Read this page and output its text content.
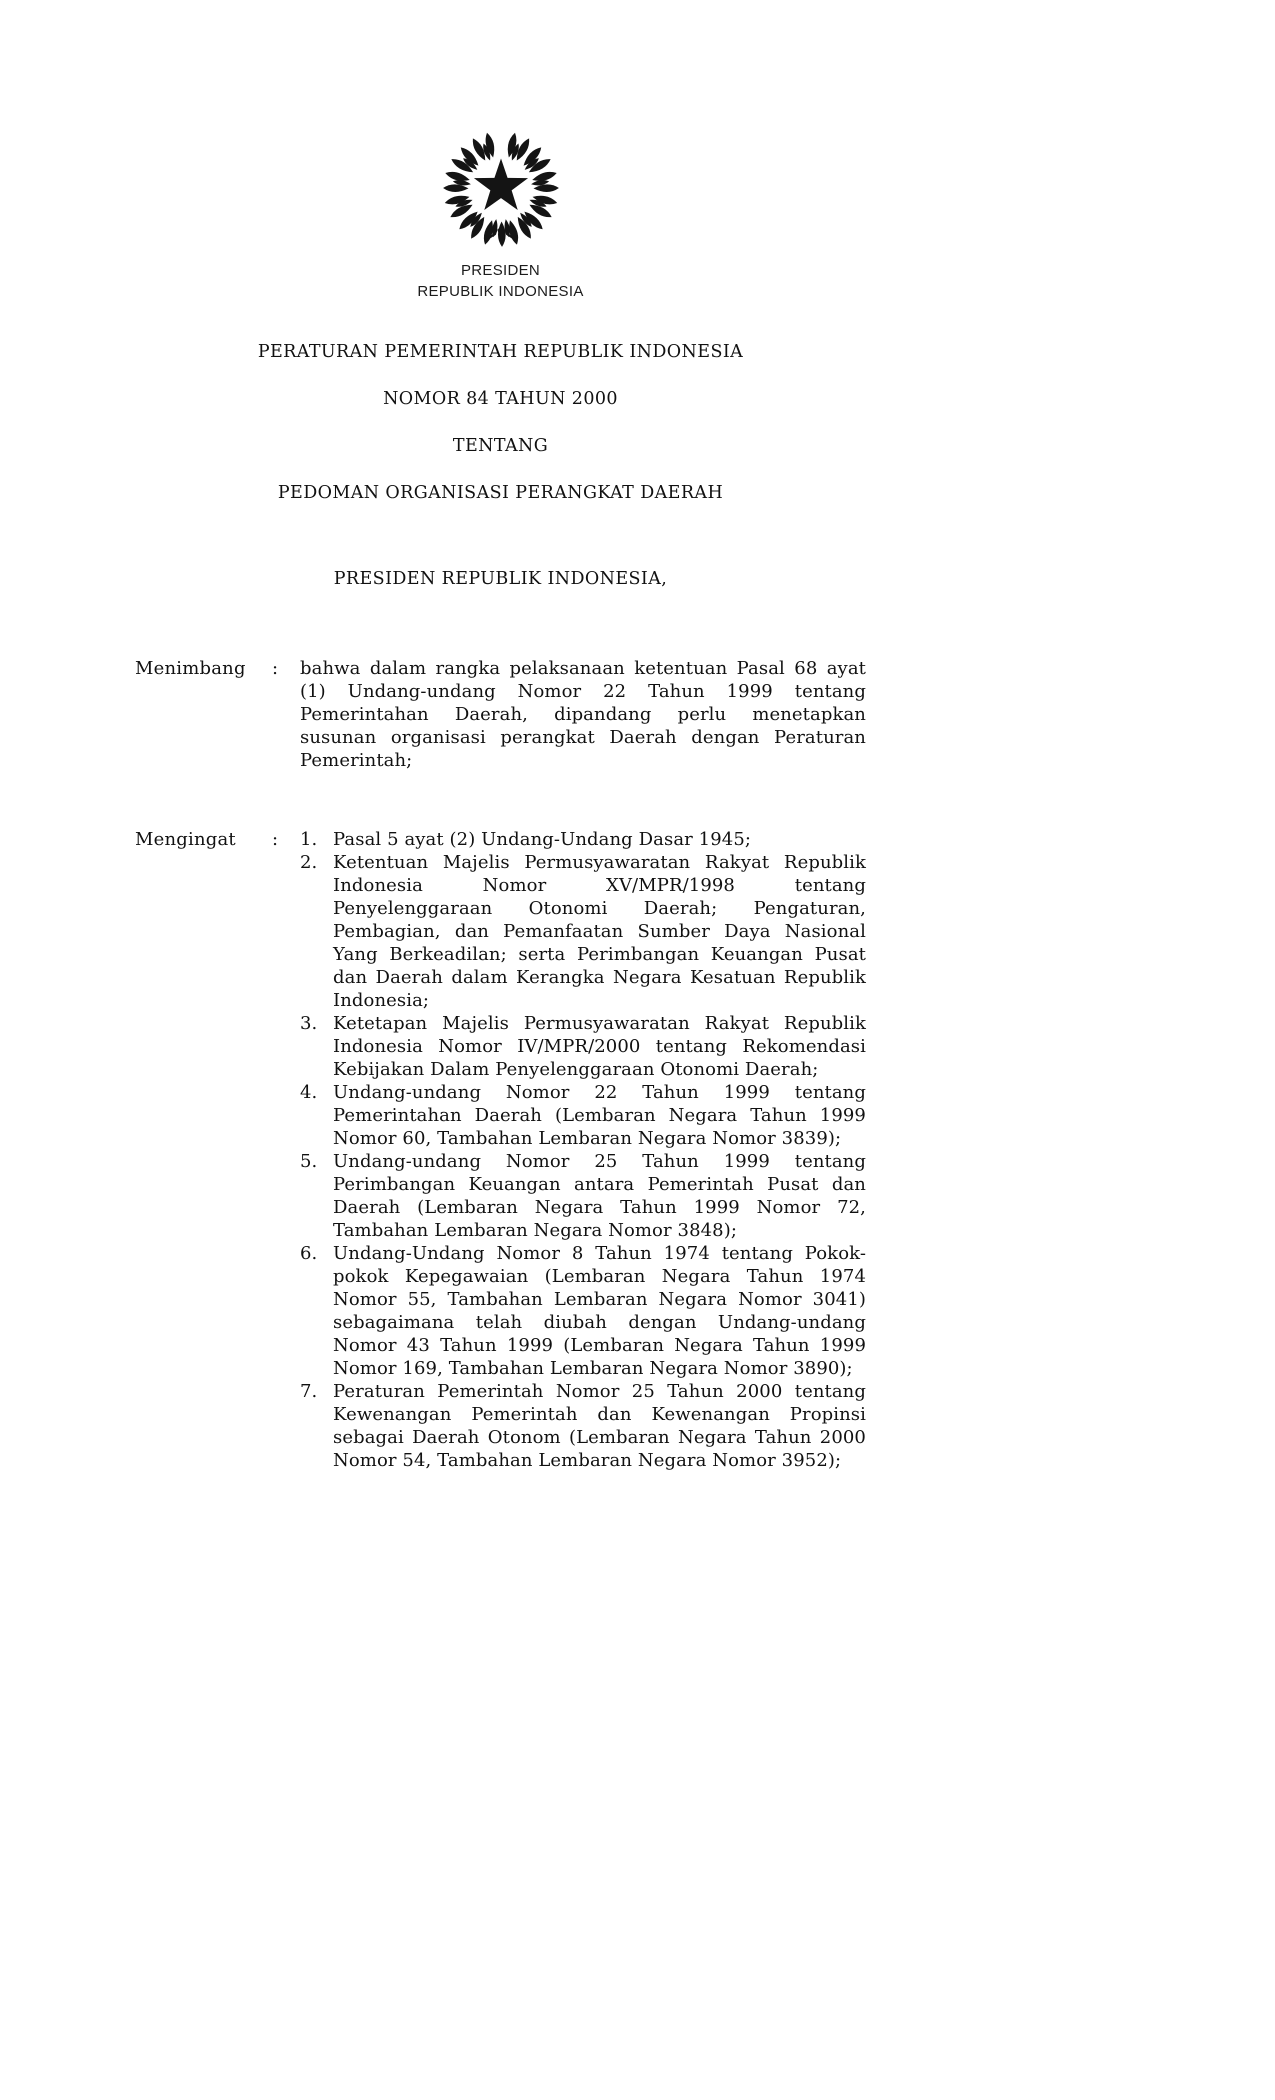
PRESIDEN
REPUBLIK INDONESIA
PERATURAN PEMERINTAH REPUBLIK INDONESIA
NOMOR 84 TAHUN 2000
TENTANG
PEDOMAN ORGANISASI PERANGKAT DAERAH
PRESIDEN REPUBLIK INDONESIA,
Menimbang	:	bahwa dalam rangka pelaksanaan ketentuan Pasal 68 ayat (1) Undang-undang Nomor 22 Tahun 1999 tentang Pemerintahan Daerah, dipandang perlu menetapkan susunan organisasi perangkat Daerah dengan Peraturan Pemerintah;
Mengingat	:	1. Pasal 5 ayat (2) Undang-Undang Dasar 1945;
2. Ketentuan Majelis Permusyawaratan Rakyat Republik Indonesia Nomor XV/MPR/1998 tentang Penyelenggaraan Otonomi Daerah; Pengaturan, Pembagian, dan Pemanfaatan Sumber Daya Nasional Yang Berkeadilan; serta Perimbangan Keuangan Pusat dan Daerah dalam Kerangka Negara Kesatuan Republik Indonesia;
3. Ketetapan Majelis Permusyawaratan Rakyat Republik Indonesia Nomor IV/MPR/2000 tentang Rekomendasi Kebijakan Dalam Penyelenggaraan Otonomi Daerah;
4. Undang-undang Nomor 22 Tahun 1999 tentang Pemerintahan Daerah (Lembaran Negara Tahun 1999 Nomor 60, Tambahan Lembaran Negara Nomor 3839);
5. Undang-undang Nomor 25 Tahun 1999 tentang Perimbangan Keuangan antara Pemerintah Pusat dan Daerah (Lembaran Negara Tahun 1999 Nomor 72, Tambahan Lembaran Negara Nomor 3848);
6. Undang-Undang Nomor 8 Tahun 1974 tentang Pokok-pokok Kepegawaian (Lembaran Negara Tahun 1974 Nomor 55, Tambahan Lembaran Negara Nomor 3041) sebagaimana telah diubah dengan Undang-undang Nomor 43 Tahun 1999 (Lembaran Negara Tahun 1999 Nomor 169, Tambahan Lembaran Negara Nomor 3890);
7. Peraturan Pemerintah Nomor 25 Tahun 2000 tentang Kewenangan Pemerintah dan Kewenangan Propinsi sebagai Daerah Otonom (Lembaran Negara Tahun 2000 Nomor 54, Tambahan Lembaran Negara Nomor 3952);
